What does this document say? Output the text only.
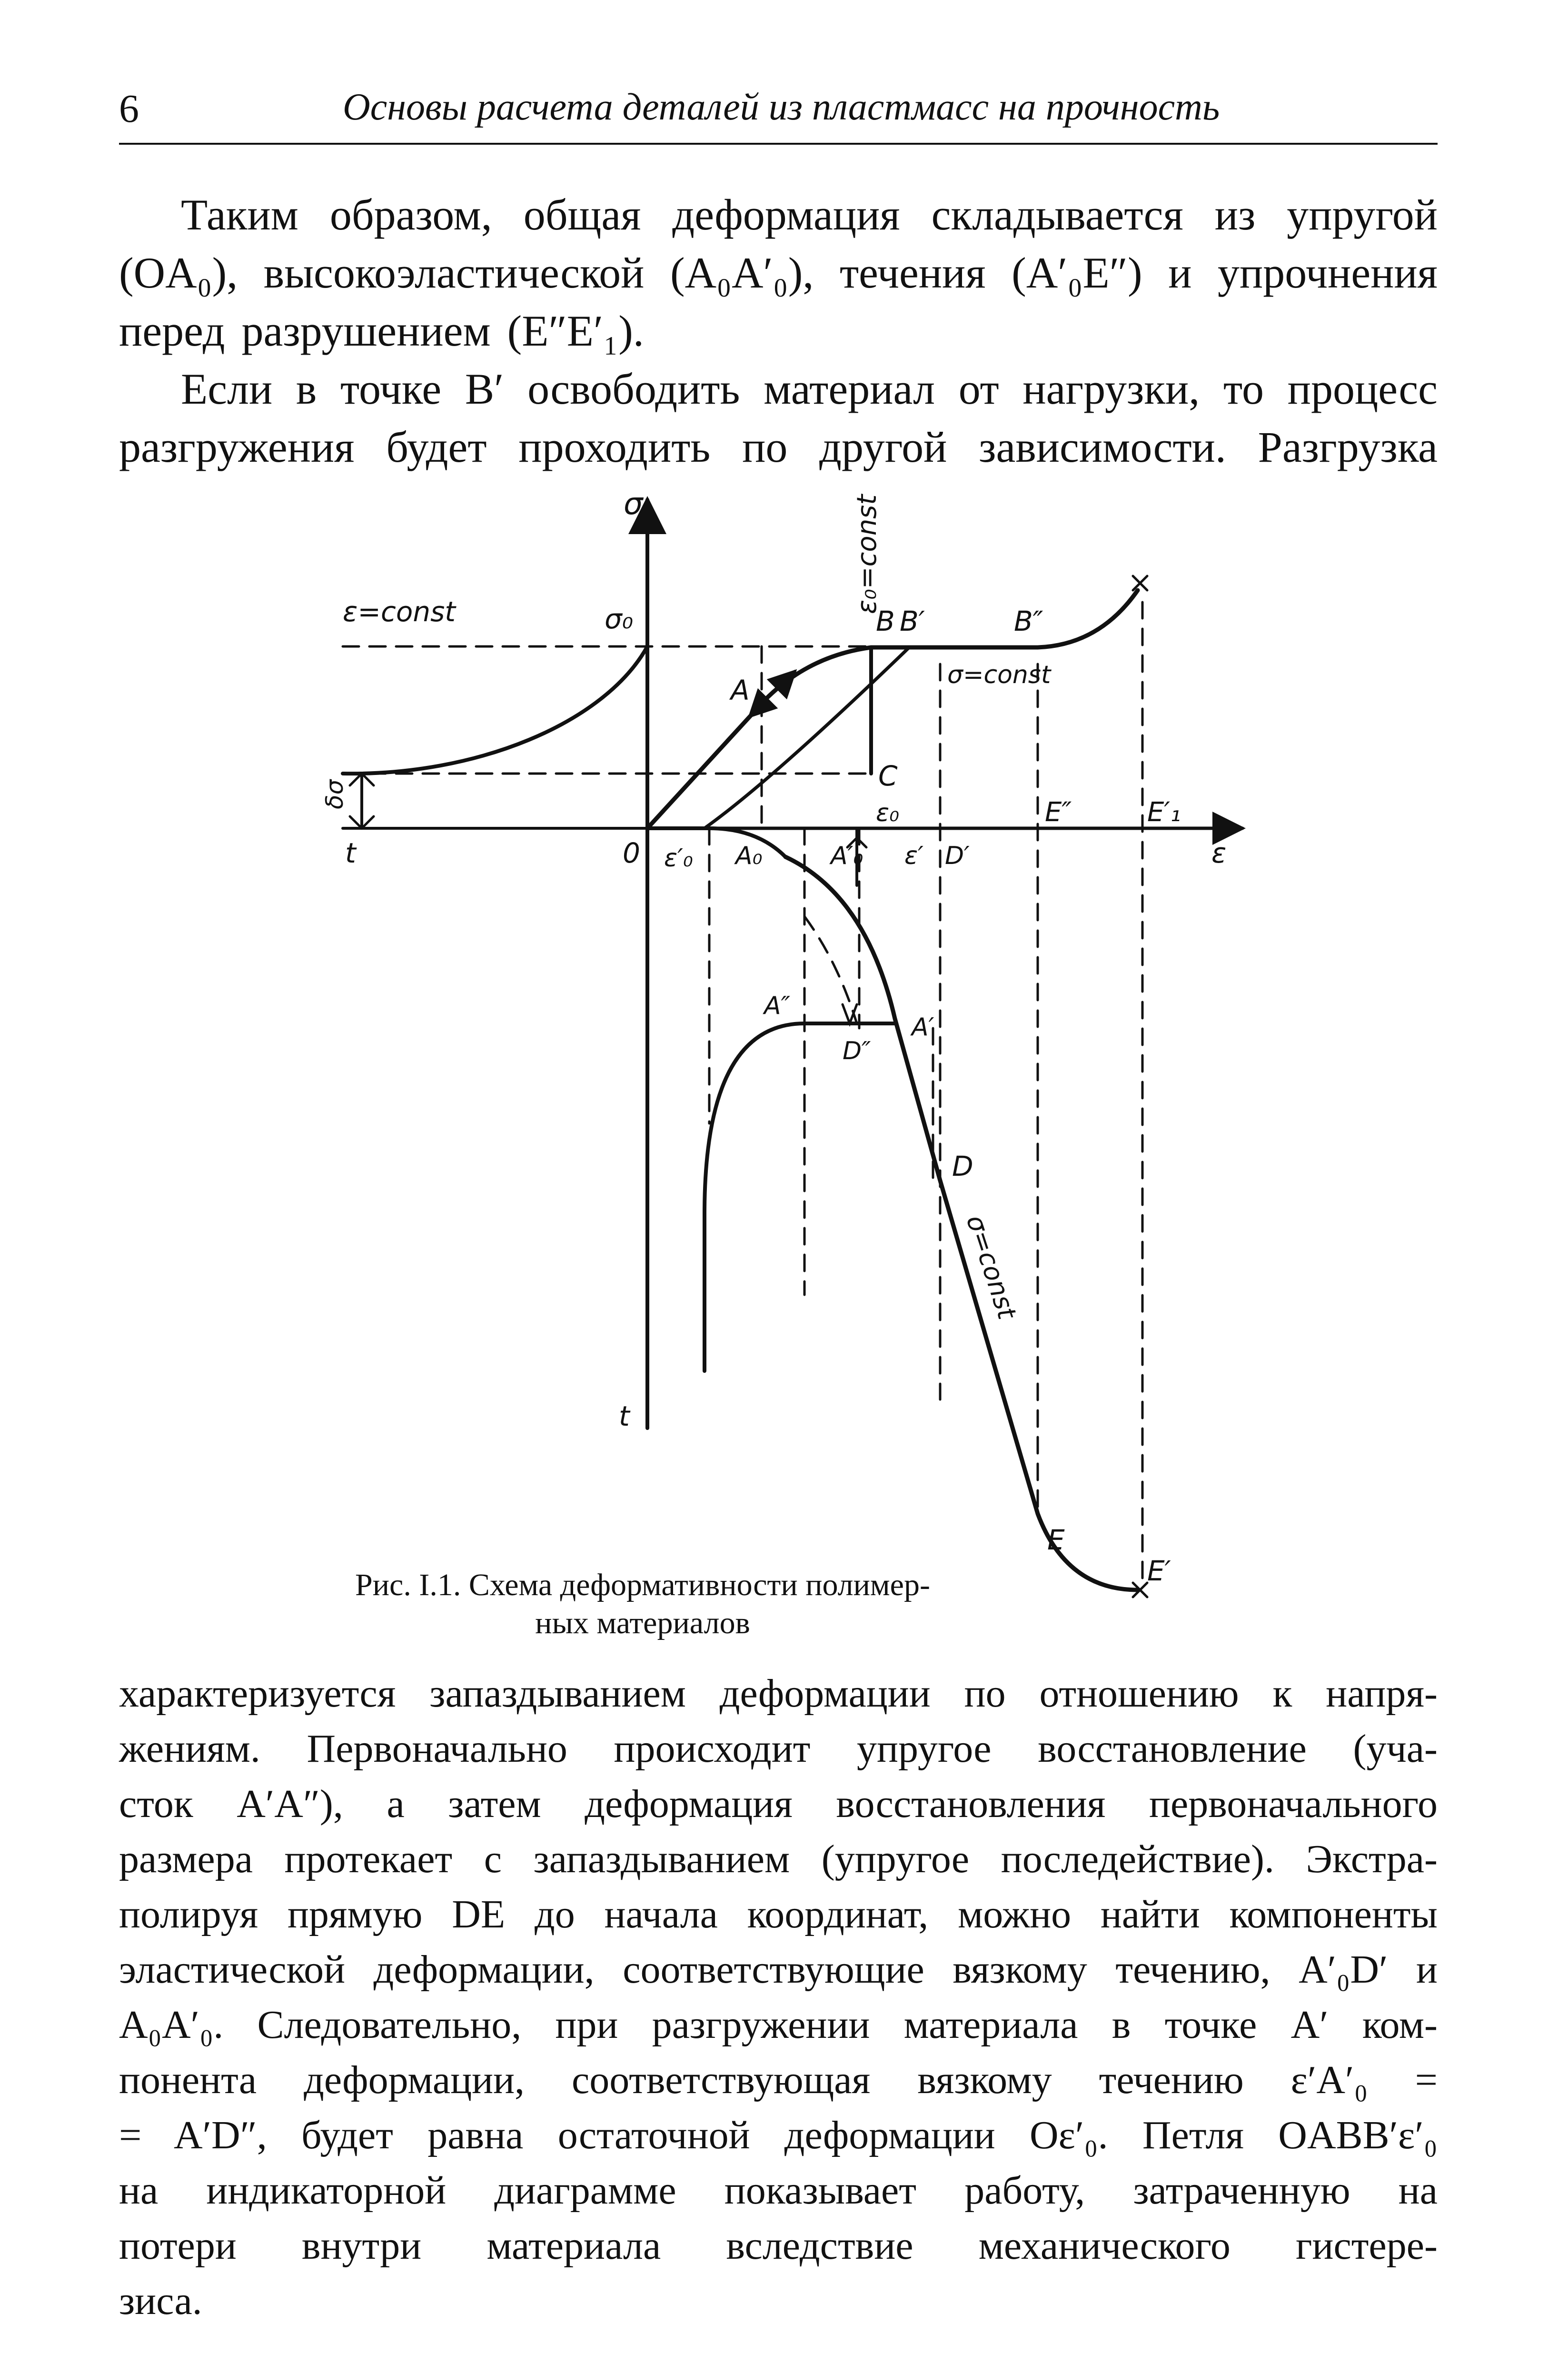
6	Основы расчета деталей из пластмасс на прочность
Таким образом, общая деформация складывается из упругой
(OA₀), высокоэластической (A₀A′₀), течения (A′₀E″) и упрочнения
перед разрушением (E″E′₁).
Если в точке B′ освободить материал от нагрузки, то процесс
разгружения будет проходить по другой зависимости. Разгрузка
σ
t
t	0	ε
ε=const	σ₀
δσ
ε₀=const
B B′	B″
A	σ=const
C
E″	E′₁
ε₀
ε′₀ A₀	A′₀ ε′ D′
A″
D″
A′
D
σ=const
E
E′
Рис. I.1. Схема деформативности полимер-
ных материалов
характеризуется запаздыванием деформации по отношению к напря-
жениям. Первоначально происходит упругое восстановление (уча-
сток A′A″), а затем деформация восстановления первоначального
размера протекает с запаздыванием (упругое последействие). Экстра-
полируя прямую DE до начала координат, можно найти компоненты
эластической деформации, соответствующие вязкому течению, A′₀D′ и
A₀A′₀. Следовательно, при разгружении материала в точке A′ ком-
понента деформации, соответствующая вязкому течению ε′A′₀ =
= A′D″, будет равна остаточной деформации Oε′₀. Петля OABB′ε′₀
на индикаторной диаграмме показывает работу, затраченную на
потери внутри материала вследствие механического гистере-
зиса.
